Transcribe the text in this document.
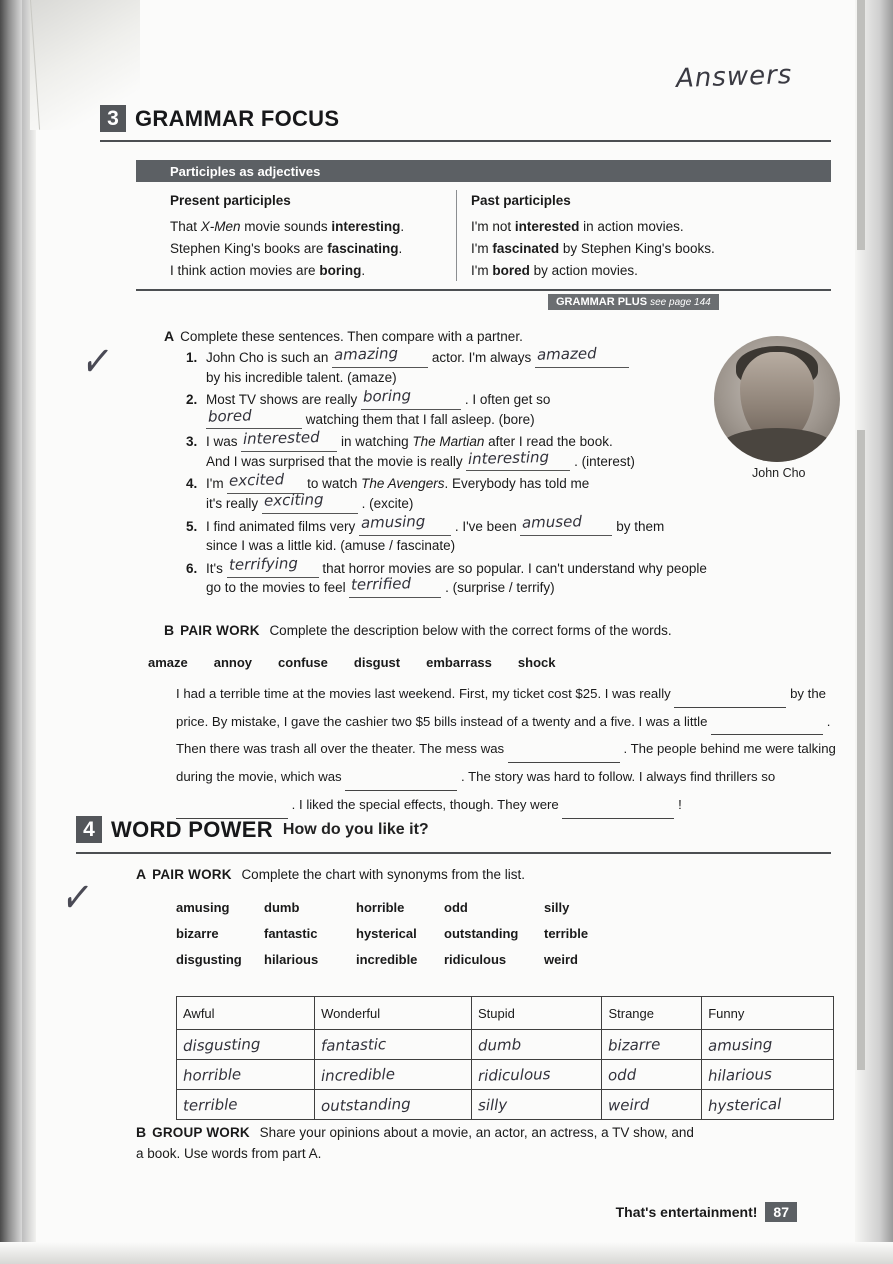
Answers
3 GRAMMAR FOCUS
Participles as adjectives
Present participles
That X-Men movie sounds interesting.
Stephen King's books are fascinating.
I think action movies are boring.
Past participles
I'm not interested in action movies.
I'm fascinated by Stephen King's books.
I'm bored by action movies.
GRAMMAR PLUS see page 144
✓	A Complete these sentences. Then compare with a partner.
1. John Cho is such an amazing actor. I'm always amazed
by his incredible talent. (amaze)
2. Most TV shows are really boring	. I often get so
bored	watching them that I fall asleep. (bore)
3. I was interested in watching The Martian after I read the book.
And I was surprised that the movie is really interesting . (interest)
4. I'm excited to watch The Avengers. Everybody has told me
it's really exciting	. (excite)
5. I find animated films very amusing . I've been amused by them
since I was a little kid. (amuse / fascinate)
6. It's terrifying that horror movies are so popular. I can't understand why people
go to the movies to feel terrified . (surprise / terrify)
John Cho
B PAIR WORK Complete the description below with the correct forms of the words.
amaze annoy confuse disgust embarrass shock
I had a terrible time at the movies last weekend. First, my ticket cost $25. I was really	by the price. By mistake, I gave the cashier two $5 bills instead of a twenty and a five. I was a little	. Then there was trash all over the theater. The mess was	. The people behind me were talking during the movie, which was	. The story was hard to follow. I always find thrillers so  . I liked the special effects, though. They were	!
4 WORD POWER How do you like it?
✓	A PAIR WORK Complete the chart with synonyms from the list.
amusing	dumb	horrible	odd	silly
bizarre	fantastic	hysterical	outstanding	terrible
disgusting	hilarious	incredible	ridiculous	weird
Awful	Wonderful	Stupid	Strange	Funny
disgusting	fantastic	dumb	bizarre	amusing
horrible	incredible	ridiculous	odd	hilarious
terrible	outstanding	silly	weird	hysterical
B GROUP WORK Share your opinions about a movie, an actor, an actress, a TV show, and a book. Use words from part A.
That's entertainment!	87
